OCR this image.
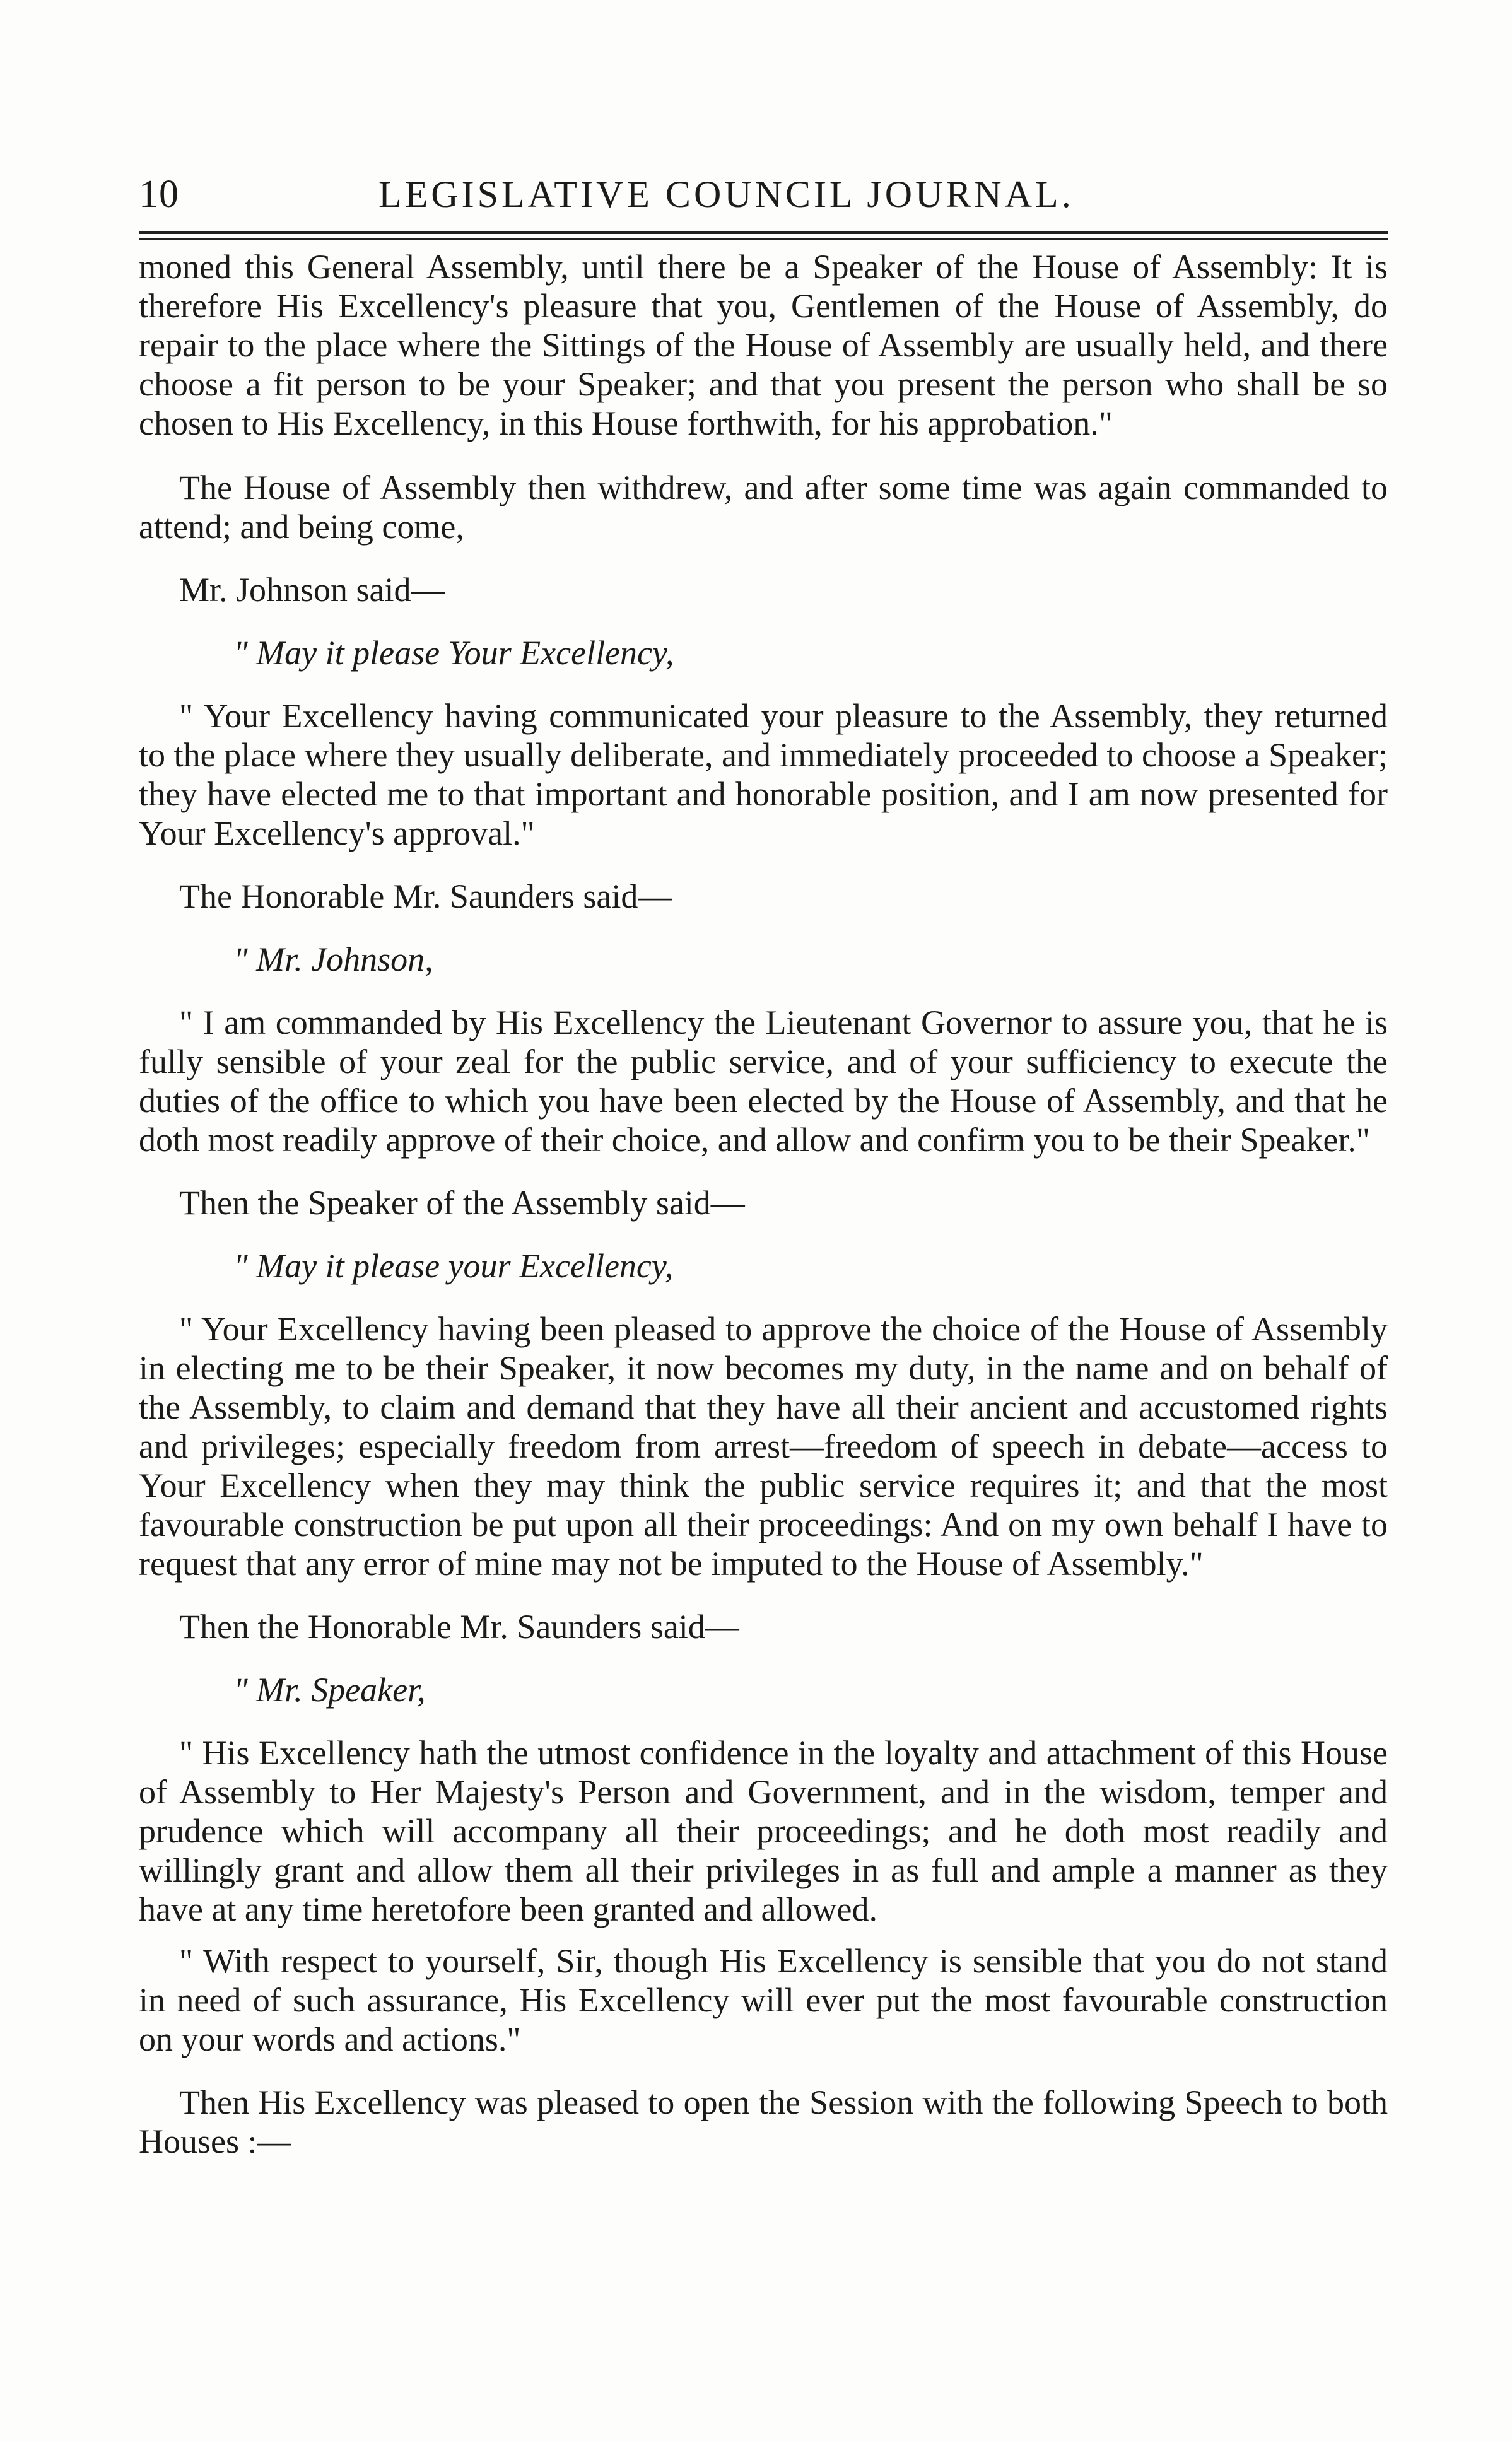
10	LEGISLATIVE COUNCIL JOURNAL.

moned this General Assembly, until there be a Speaker of the House of Assembly: It is therefore His Excellency's pleasure that you, Gentlemen of the House of Assembly, do repair to the place where the Sittings of the House of Assembly are usually held, and there choose a fit person to be your Speaker; and that you present the person who shall be so chosen to His Excellency, in this House forthwith, for his approbation."

The House of Assembly then withdrew, and after some time was again commanded to attend; and being come,

Mr. Johnson said—

" May it please Your Excellency,

" Your Excellency having communicated your pleasure to the Assembly, they returned to the place where they usually deliberate, and immediately proceeded to choose a Speaker; they have elected me to that important and honorable position, and I am now presented for Your Excellency's approval."

The Honorable Mr. Saunders said—

" Mr. Johnson,

" I am commanded by His Excellency the Lieutenant Governor to assure you, that he is fully sensible of your zeal for the public service, and of your sufficiency to execute the duties of the office to which you have been elected by the House of Assembly, and that he doth most readily approve of their choice, and allow and confirm you to be their Speaker."

Then the Speaker of the Assembly said—

" May it please your Excellency,

" Your Excellency having been pleased to approve the choice of the House of Assembly in electing me to be their Speaker, it now becomes my duty, in the name and on behalf of the Assembly, to claim and demand that they have all their ancient and accustomed rights and privileges; especially freedom from arrest—freedom of speech in debate—access to Your Excellency when they may think the public service requires it; and that the most favourable construction be put upon all their proceedings: And on my own behalf I have to request that any error of mine may not be imputed to the House of Assembly."

Then the Honorable Mr. Saunders said—

" Mr. Speaker,

" His Excellency hath the utmost confidence in the loyalty and attachment of this House of Assembly to Her Majesty's Person and Government, and in the wisdom, temper and prudence which will accompany all their proceedings; and he doth most readily and willingly grant and allow them all their privileges in as full and ample a manner as they have at any time heretofore been granted and allowed.

" With respect to yourself, Sir, though His Excellency is sensible that you do not stand in need of such assurance, His Excellency will ever put the most favourable construction on your words and actions."

Then His Excellency was pleased to open the Session with the following Speech to both Houses :—
